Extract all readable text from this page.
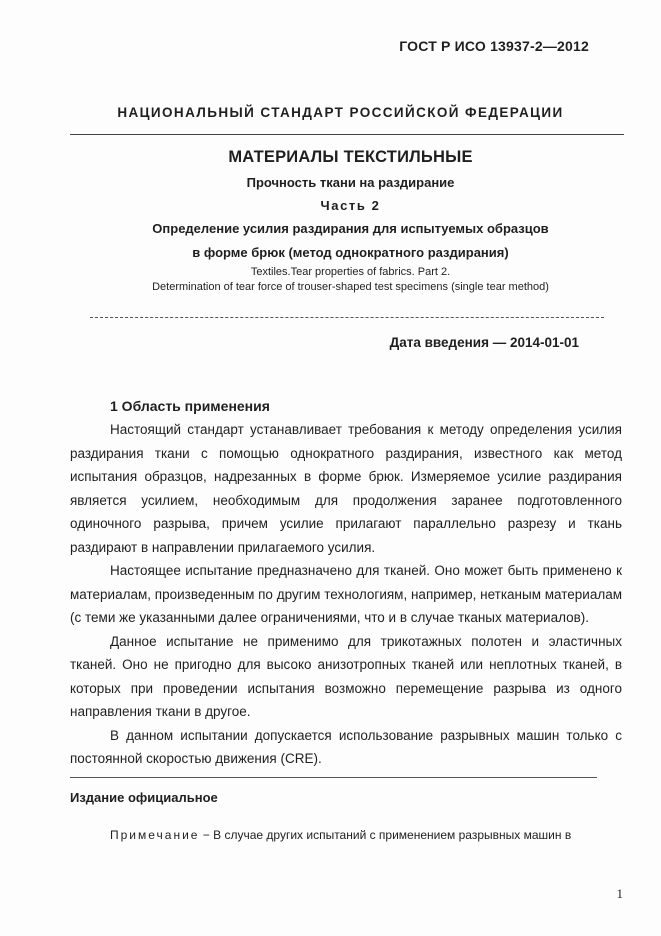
ГОСТ Р ИСО 13937-2—2012
НАЦИОНАЛЬНЫЙ СТАНДАРТ РОССИЙСКОЙ ФЕДЕРАЦИИ
МАТЕРИАЛЫ ТЕКСТИЛЬНЫЕ
Прочность ткани на раздирание
Часть 2
Определение усилия раздирания для испытуемых образцов
в форме брюк (метод однократного раздирания)
Textiles.Tear properties of fabrics. Part 2.
Determination of tear force of trouser-shaped test specimens (single tear method)
Дата введения — 2014-01-01
1 Область применения

Настоящий стандарт устанавливает требования к методу определения усилия раздирания ткани с помощью однократного раздирания, известного как метод испытания образцов, надрезанных в форме брюк. Измеряемое усилие раздирания является усилием, необходимым для продолжения заранее подготовленного одиночного разрыва, причем усилие прилагают параллельно разрезу и ткань раздирают в направлении прилагаемого усилия.

Настоящее испытание предназначено для тканей. Оно может быть применено к материалам, произведенным по другим технологиям, например, нетканым материалам (с теми же указанными далее ограничениями, что и в случае тканых материалов).

Данное испытание не применимо для трикотажных полотен и эластичных тканей. Оно не пригодно для высоко анизотропных тканей или неплотных тканей, в которых при проведении испытания возможно перемещение разрыва из одного направления ткани в другое.

В данном испытании допускается использование разрывных машин только с постоянной скоростью движения (CRE).

Издание официальное
Примечание − В случае других испытаний с применением разрывных машин в
1
